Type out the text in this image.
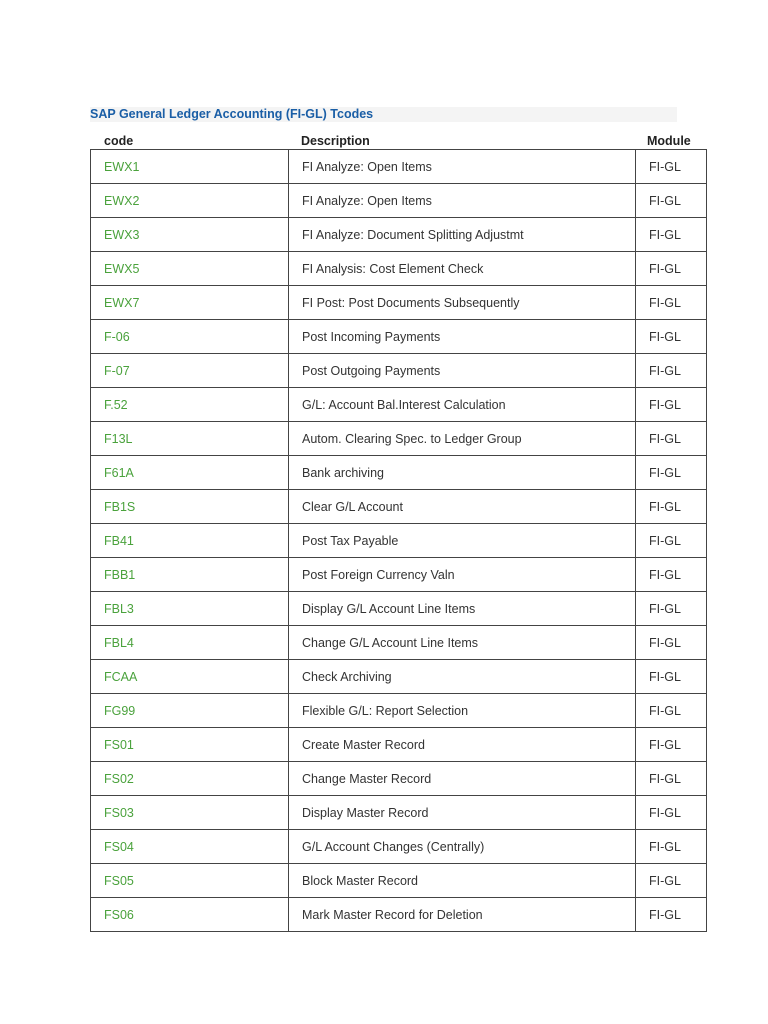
SAP General Ledger Accounting (FI-GL) Tcodes
code	Description	Module
EWX1	FI Analyze: Open Items	FI-GL
EWX2	FI Analyze: Open Items	FI-GL
EWX3	FI Analyze: Document Splitting Adjustmt	FI-GL
EWX5	FI Analysis: Cost Element Check	FI-GL
EWX7	FI Post: Post Documents Subsequently	FI-GL
F-06	Post Incoming Payments	FI-GL
F-07	Post Outgoing Payments	FI-GL
F.52	G/L: Account Bal.Interest Calculation	FI-GL
F13L	Autom. Clearing Spec. to Ledger Group	FI-GL
F61A	Bank archiving	FI-GL
FB1S	Clear G/L Account	FI-GL
FB41	Post Tax Payable	FI-GL
FBB1	Post Foreign Currency Valn	FI-GL
FBL3	Display G/L Account Line Items	FI-GL
FBL4	Change G/L Account Line Items	FI-GL
FCAA	Check Archiving	FI-GL
FG99	Flexible G/L: Report Selection	FI-GL
FS01	Create Master Record	FI-GL
FS02	Change Master Record	FI-GL
FS03	Display Master Record	FI-GL
FS04	G/L Account Changes (Centrally)	FI-GL
FS05	Block Master Record	FI-GL
FS06	Mark Master Record for Deletion	FI-GL
